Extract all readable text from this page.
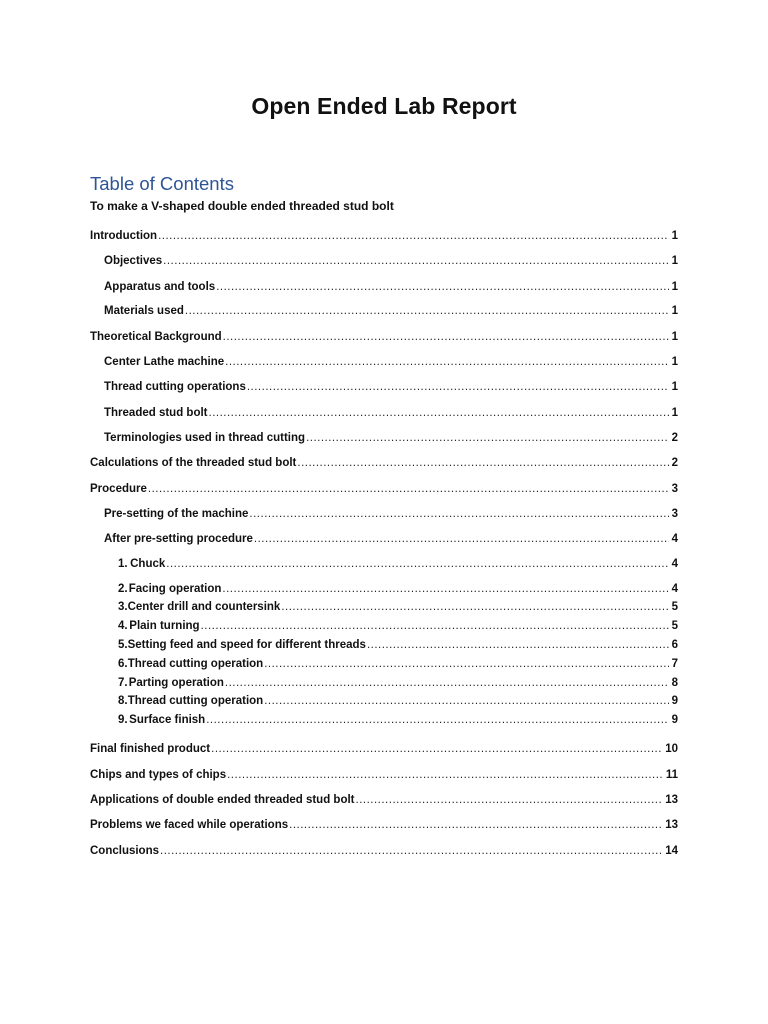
Open Ended Lab Report
Table of Contents
To make a V-shaped double ended threaded stud bolt
Introduction .....	1
Objectives .....	1
Apparatus and tools .....	1
Materials used .....	1
Theoretical Background .....	1
Center Lathe machine .....	1
Thread cutting operations .....	1
Threaded stud bolt .....	1
Terminologies used in thread cutting .....	2
Calculations of the threaded stud bolt .....	2
Procedure .....	3
Pre-setting of the machine .....	3
After pre-setting procedure .....	4
1. Chuck .....	4
2. Facing operation .....	4
3. Center drill and countersink .....	5
4. Plain turning .....	5
5. Setting feed and speed for different threads .....	6
6. Thread cutting operation .....	7
7. Parting operation .....	8
8. Thread cutting operation .....	9
9. Surface finish .....	9
Final finished product .....	10
Chips and types of chips .....	11
Applications of double ended threaded stud bolt .....	13
Problems we faced while operations .....	13
Conclusions .....	14
